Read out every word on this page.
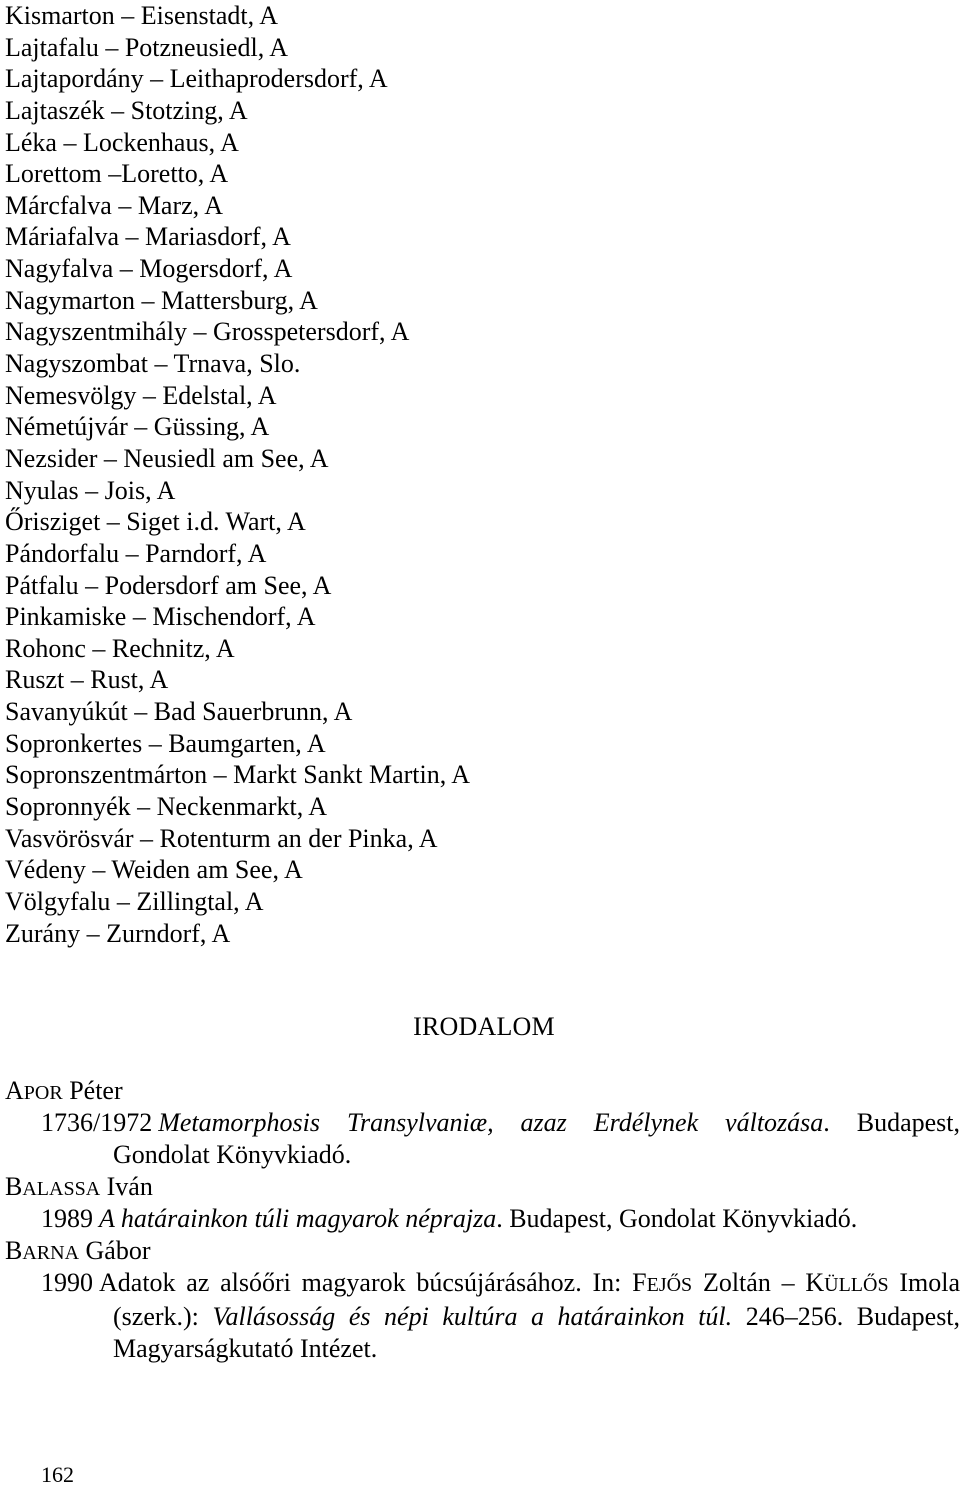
Kismarton – Eisenstadt, A
Lajtafalu – Potzneusiedl, A
Lajtapordány – Leithaprodersdorf, A
Lajtaszék – Stotzing, A
Léka – Lockenhaus, A
Lorettom –Loretto, A
Márcfalva – Marz, A
Máriafalva – Mariasdorf, A
Nagyfalva – Mogersdorf, A
Nagymarton – Mattersburg, A
Nagyszentmihály – Grosspetersdorf, A
Nagyszombat – Trnava, Slo.
Nemesvölgy – Edelstal, A
Németújvár – Güssing, A
Nezsider – Neusiedl am See, A
Nyulas – Jois, A
Őrisziget – Siget i.d. Wart, A
Pándorfalu – Parndorf, A
Pátfalu – Podersdorf am See, A
Pinkamiske – Mischendorf, A
Rohonc – Rechnitz, A
Ruszt – Rust, A
Savanyúkút – Bad Sauerbrunn, A
Sopronkertes – Baumgarten, A
Sopronszentmárton – Markt Sankt Martin, A
Sopronnyék – Neckenmarkt, A
Vasvörösvár – Rotenturm an der Pinka, A
Védeny – Weiden am See, A
Völgyfalu – Zillingtal, A
Zurány – Zurndorf, A
IRODALOM
APOR Péter
1736/1972 Metamorphosis Transylvaniæ, azaz Erdélynek változása. Budapest, Gondolat Könyvkiadó.
BALASSA Iván
1989 A határainkon túli magyarok néprajza. Budapest, Gondolat Könyvkiadó.
BARNA Gábor
1990 Adatok az alsóőri magyarok búcsújárásához. In: FEJŐS Zoltán – KÜLLŐS Imola (szerk.): Vallásosság és népi kultúra a határainkon túl. 246–256. Budapest, Magyarságkutató Intézet.
162
